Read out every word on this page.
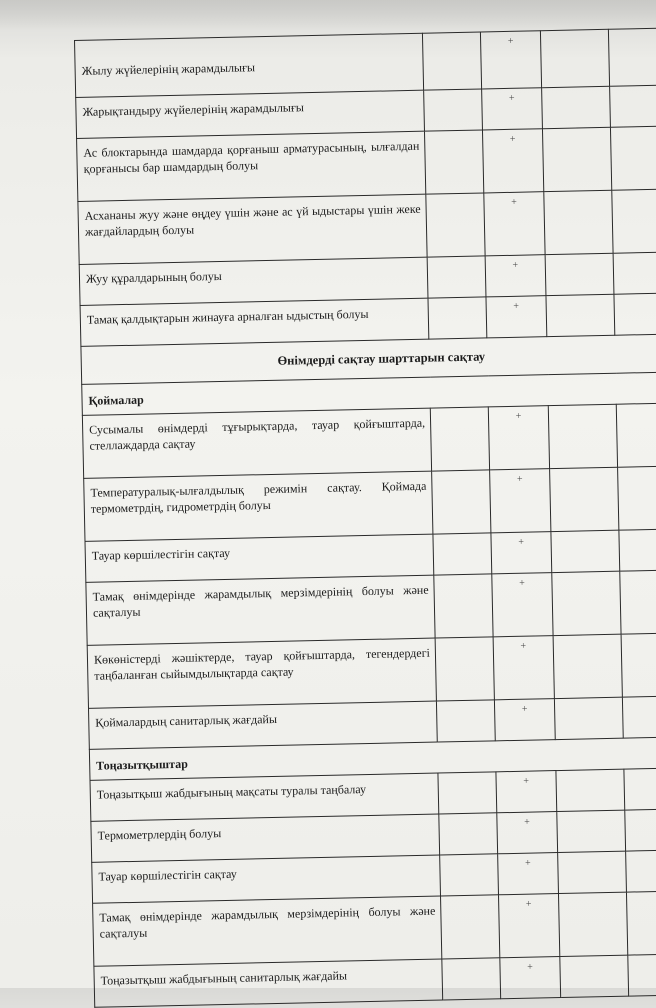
Жылу жүйелерінің жарамдылығы		+		
Жарықтандыру жүйелерінің жарамдылығы		+		
Ас блоктарында шамдарда қорғаныш арматурасының, ылғалдан қорғанысы бар шамдардың болуы		+		
Асхананы жуу және өңдеу үшін және ас үй ыдыстары үшін жеке жағдайлардың болуы		+		
Жуу құралдарының болуы		+		
Тамақ қалдықтарын жинауға арналған ыдыстың болуы		+		
Өнімдерді сақтау шарттарын сақтау				
Қоймалар				
Сусымалы өнімдерді тұғырықтарда, тауар қойғыштарда, стеллаждарда сақтау		+		
Температуралық-ылғалдылық режимін сақтау. Қоймада термометрдің, гидрометрдің болуы		+		
Тауар көршілестігін сақтау		+		
Тамақ өнімдерінде жарамдылық мерзімдерінің болуы және сақталуы		+		
Көкөністерді жәшіктерде, тауар қойғыштарда, тегендердегі таңбаланған сыйымдылықтарда сақтау		+		
Қоймалардың санитарлық жағдайы		+		
Тоңазытқыштар				
Тоңазытқыш жабдығының мақсаты туралы таңбалау		+		
Термометрлердің болуы		+		
Тауар көршілестігін сақтау		+		
Тамақ өнімдерінде жарамдылық мерзімдерінің болуы және сақталуы		+		
Тоңазытқыш жабдығының санитарлық жағдайы		+		
